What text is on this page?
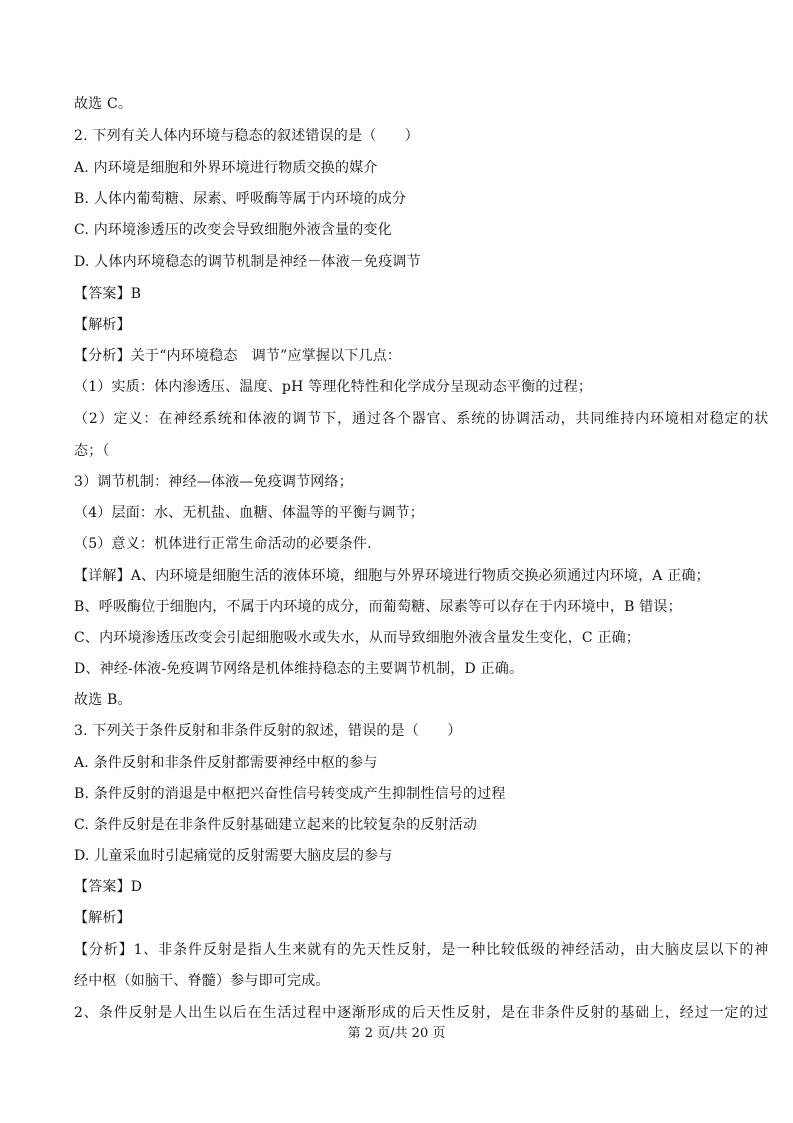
故选 C。
2. 下列有关人体内环境与稳态的叙述错误的是（　　）
A. 内环境是细胞和外界环境进行物质交换的媒介
B. 人体内葡萄糖、尿素、呼吸酶等属于内环境的成分
C. 内环境渗透压的改变会导致细胞外液含量的变化
D. 人体内环境稳态的调节机制是神经－体液－免疫调节
【答案】B
【解析】
【分析】关于“内环境稳态　调节”应掌握以下几点：
（1）实质：体内渗透压、温度、pH 等理化特性和化学成分呈现动态平衡的过程；
（2）定义：在神经系统和体液的调节下，通过各个器官、系统的协调活动，共同维持内环境相对稳定的状
态；（
3）调节机制：神经—体液—免疫调节网络；
（4）层面：水、无机盐、血糖、体温等的平衡与调节；
（5）意义：机体进行正常生命活动的必要条件.
【详解】A、内环境是细胞生活的液体环境，细胞与外界环境进行物质交换必须通过内环境，A 正确；
B、呼吸酶位于细胞内，不属于内环境的成分，而葡萄糖、尿素等可以存在于内环境中，B 错误；
C、内环境渗透压改变会引起细胞吸水或失水，从而导致细胞外液含量发生变化，C 正确；
D、神经-体液-免疫调节网络是机体维持稳态的主要调节机制，D 正确。
故选 B。
3. 下列关于条件反射和非条件反射的叙述，错误的是（　　）
A. 条件反射和非条件反射都需要神经中枢的参与
B. 条件反射的消退是中枢把兴奋性信号转变成产生抑制性信号的过程
C. 条件反射是在非条件反射基础建立起来的比较复杂的反射活动
D. 儿童采血时引起痛觉的反射需要大脑皮层的参与
【答案】D
【解析】
【分析】1、非条件反射是指人生来就有的先天性反射，是一种比较低级的神经活动，由大脑皮层以下的神
经中枢（如脑干、脊髓）参与即可完成。
2、条件反射是人出生以后在生活过程中逐渐形成的后天性反射，是在非条件反射的基础上，经过一定的过
第 2 页/共 20 页
